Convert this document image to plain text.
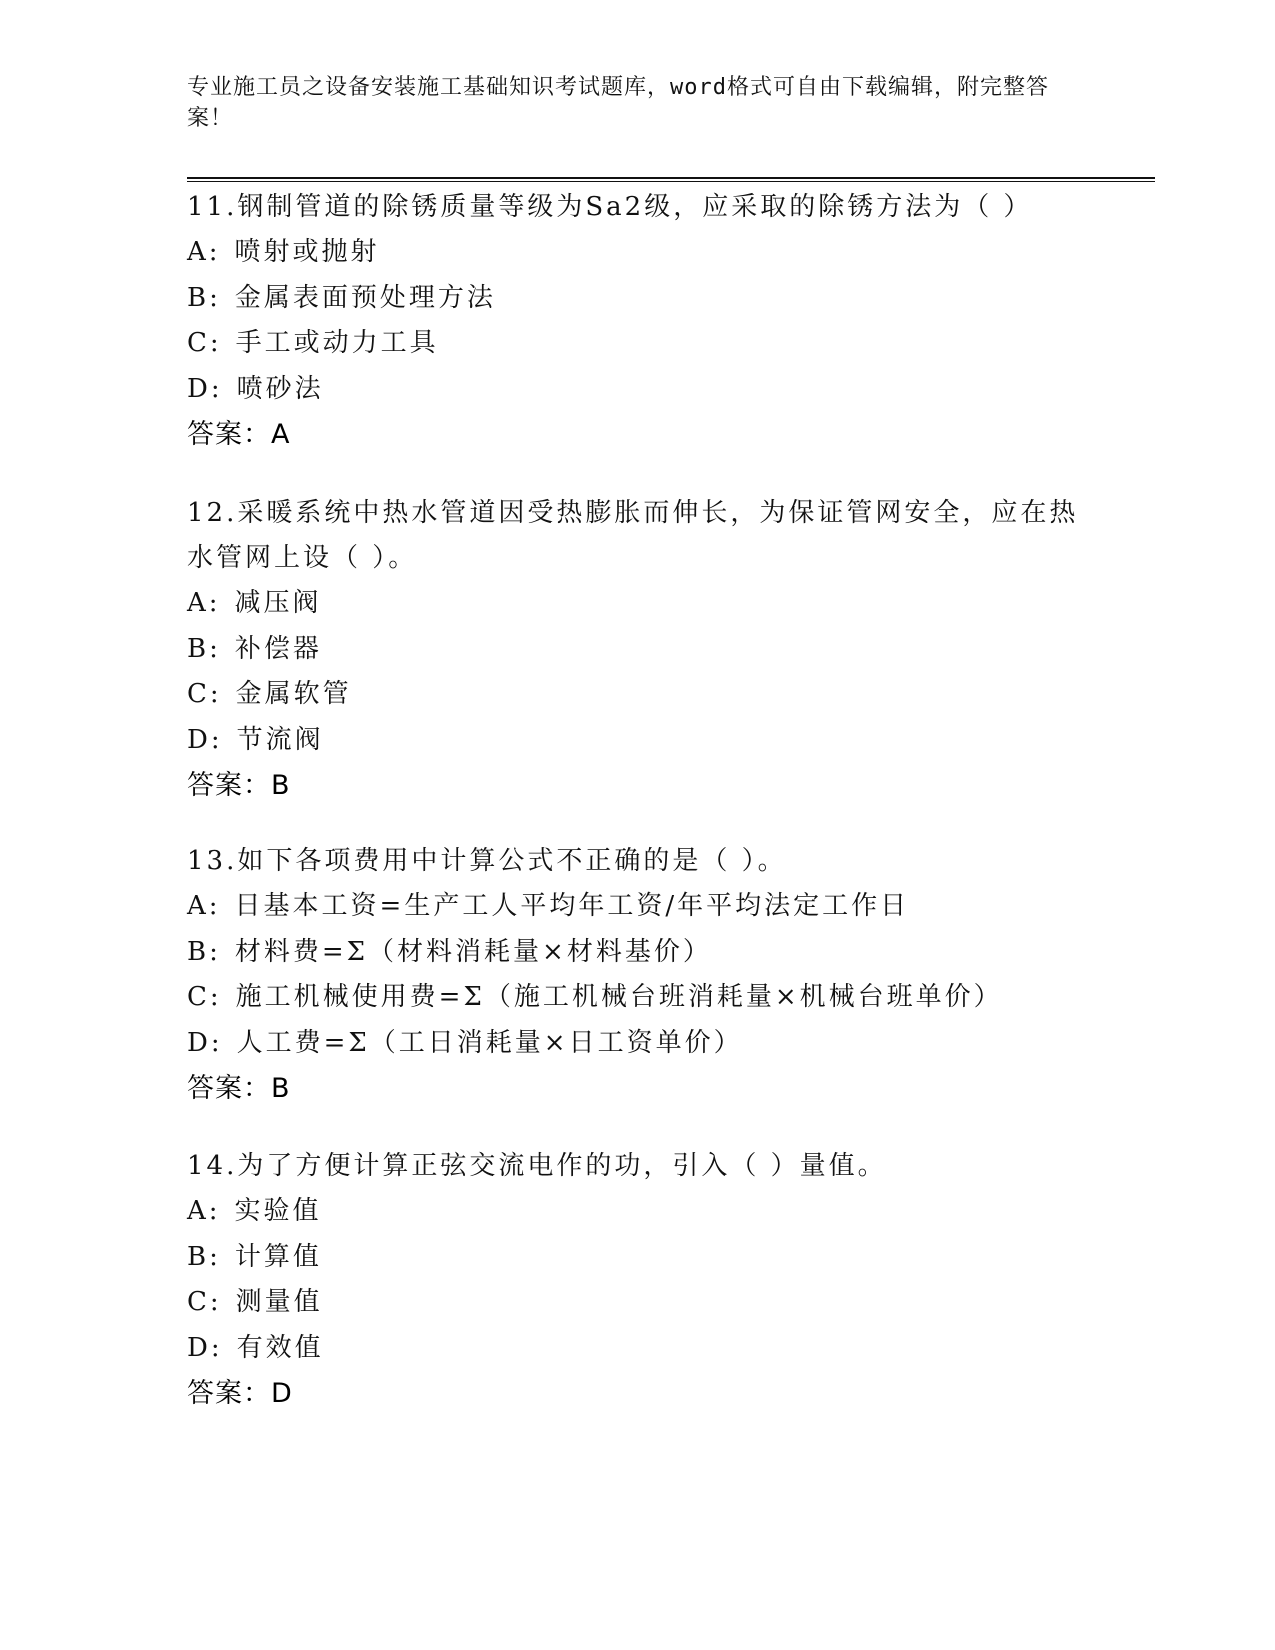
专业施工员之设备安装施工基础知识考试题库，word格式可自由下载编辑，附完整答案！
11.钢制管道的除锈质量等级为Sa2级，应采取的除锈方法为（ ）
A: 喷射或抛射
B: 金属表面预处理方法
C: 手工或动力工具
D: 喷砂法
答案：A
12.采暖系统中热水管道因受热膨胀而伸长，为保证管网安全，应在热水管网上设（ ）。
A: 减压阀
B: 补偿器
C: 金属软管
D: 节流阀
答案：B
13.如下各项费用中计算公式不正确的是（ ）。
A: 日基本工资=生产工人平均年工资/年平均法定工作日
B: 材料费=Σ（材料消耗量×材料基价）
C: 施工机械使用费=Σ（施工机械台班消耗量×机械台班单价）
D: 人工费=Σ（工日消耗量×日工资单价）
答案：B
14.为了方便计算正弦交流电作的功，引入（ ）量值。
A: 实验值
B: 计算值
C: 测量值
D: 有效值
答案：D
